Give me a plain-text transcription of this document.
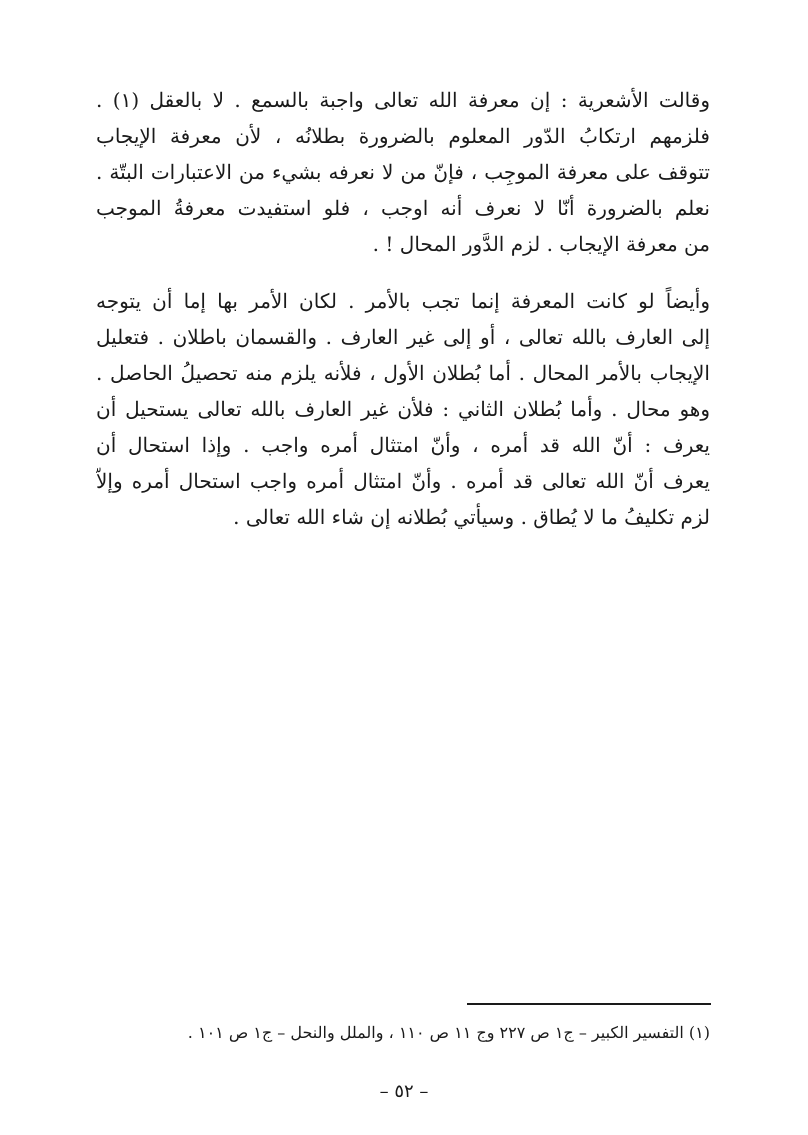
وقالت الأشعرية : إن معرفة الله تعالى واجبة بالسمع . لا بالعقل (١) .
فلزمهم ارتكابُ الدّور المعلوم بالضرورة بطلانُه ، لأن معرفة الإيجاب
تتوقف على معرفة الموجِب ، فإنّ من لا نعرفه بشيء من الاعتبارات البتّة .
نعلم بالضرورة أنّا لا نعرف أنه اوجب ، فلو استفيدت معرفةُ الموجب
من معرفة الإيجاب . لزم الدَّور المحال ! .
وأيضاً لو كانت المعرفة إنما تجب بالأمر . لكان الأمر بها إما أن يتوجه
إلى العارف بالله تعالى ، أو إلى غير العارف . والقسمان باطلان . فتعليل
الإيجاب بالأمر المحال . أما بُطلان الأول ، فلأنه يلزم منه تحصيلُ الحاصل .
وهو محال . وأما بُطلان الثاني : فلأن غير العارف بالله تعالى يستحيل أن
يعرف : أنّ الله قد أمره ، وأنّ امتثال أمره واجب . وإذا استحال أن
يعرف أنّ الله تعالى قد أمره . وأنّ امتثال أمره واجب استحال أمره وإلاّ
لزم تكليفُ ما لا يُطاق . وسيأتي بُطلانه إن شاء الله تعالى .
(١) التفسير الكبير – ج١ ص ٢٢٧ وج ١١ ص ١١٠ ، والملل والنحل – ج١ ص ١٠١ .
– ٥٢ –
